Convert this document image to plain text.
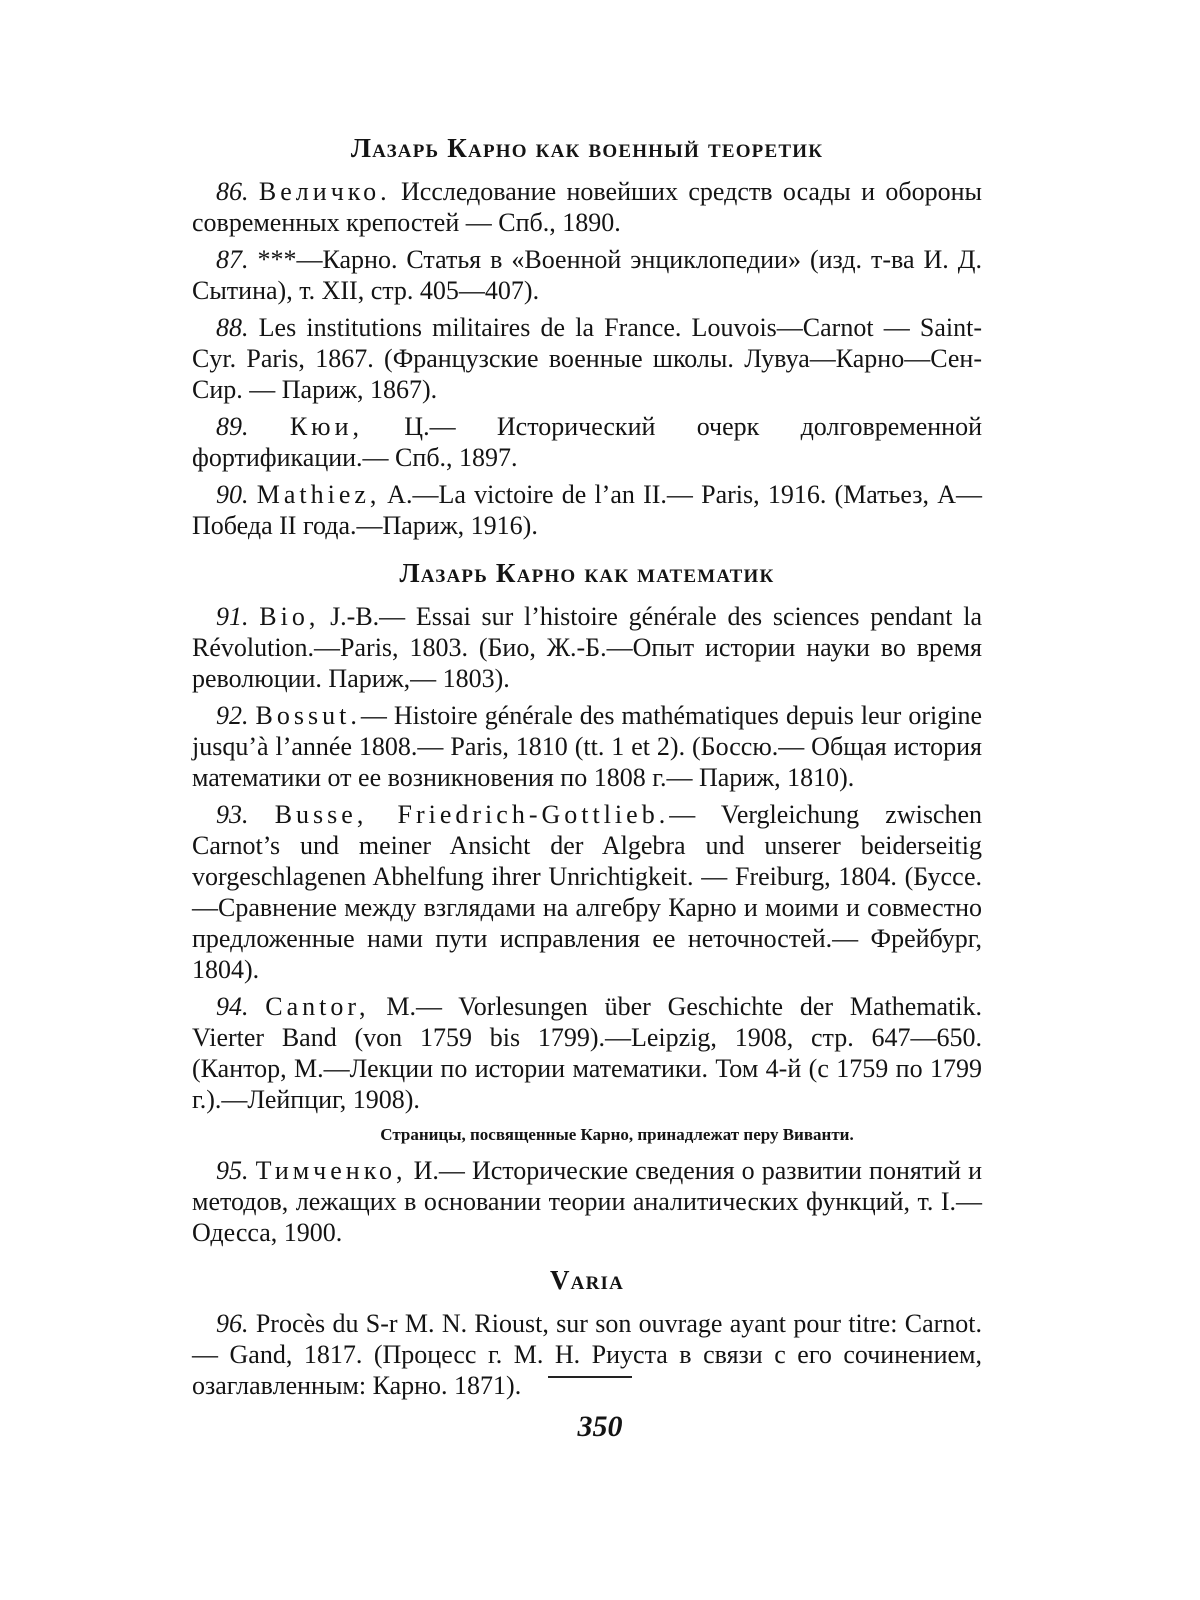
Лазарь Карно как военный теоретик

86. Величко. Исследование новейших средств осады и обороны современных крепостей — Спб., 1890.

87. ***—Карно. Статья в «Военной энциклопедии» (изд. т-ва И. Д. Сытина), т. XII, стр. 405—407).

88. Les institutions militaires de la France. Louvois—Carnot — Saint-Cyr. Paris, 1867. (Французские военные школы. Лувуа—Карно—Сен-Сир. — Париж, 1867).

89. Кюи, Ц.— Исторический очерк долговременной фортификации.— Спб., 1897.

90. Mathiez, A.—La victoire de l’an II.— Paris, 1916. (Матьез, A—Победа II года.—Париж, 1916).

Лазарь Карно как математик

91. Bio, J.-B.— Essai sur l’histoire générale des sciences pendant la Révolution.—Paris, 1803. (Био, Ж.-Б.—Опыт истории науки во время революции. Париж,— 1803).

92. Bossut.— Histoire générale des mathématiques depuis leur origine jusqu’à l’année 1808.— Paris, 1810 (tt. 1 et 2). (Боссю.— Общая история математики от ее возникновения по 1808 г.— Париж, 1810).

93. Busse, Friedrich-Gottlieb.— Vergleichung zwischen Carnot’s und meiner Ansicht der Algebra und unserer beiderseitig vorgeschlagenen Abhelfung ihrer Unrichtigkeit. — Freiburg, 1804. (Буссе.—Сравнение между взглядами на алгебру Карно и моими и совместно предложенные нами пути исправления ее неточностей.— Фрейбург, 1804).

94. Cantor, M.— Vorlesungen über Geschichte der Mathematik. Vierter Band (von 1759 bis 1799).—Leipzig, 1908, стр. 647—650. (Кантор, М.—Лекции по истории математики. Том 4-й (с 1759 по 1799 г.).—Лейпциг, 1908).

Страницы, посвященные Карно, принадлежат перу Виванти.

95. Тимченко, И.— Исторические сведения о развитии понятий и методов, лежащих в основании теории аналитических функций, т. I.— Одесса, 1900.

Varia

96. Procès du S-r M. N. Rioust, sur son ouvrage ayant pour titre: Carnot.— Gand, 1817. (Процесс г. М. Н. Риуста в связи с его сочинением, озаглавленным: Карно. 1871).

350
